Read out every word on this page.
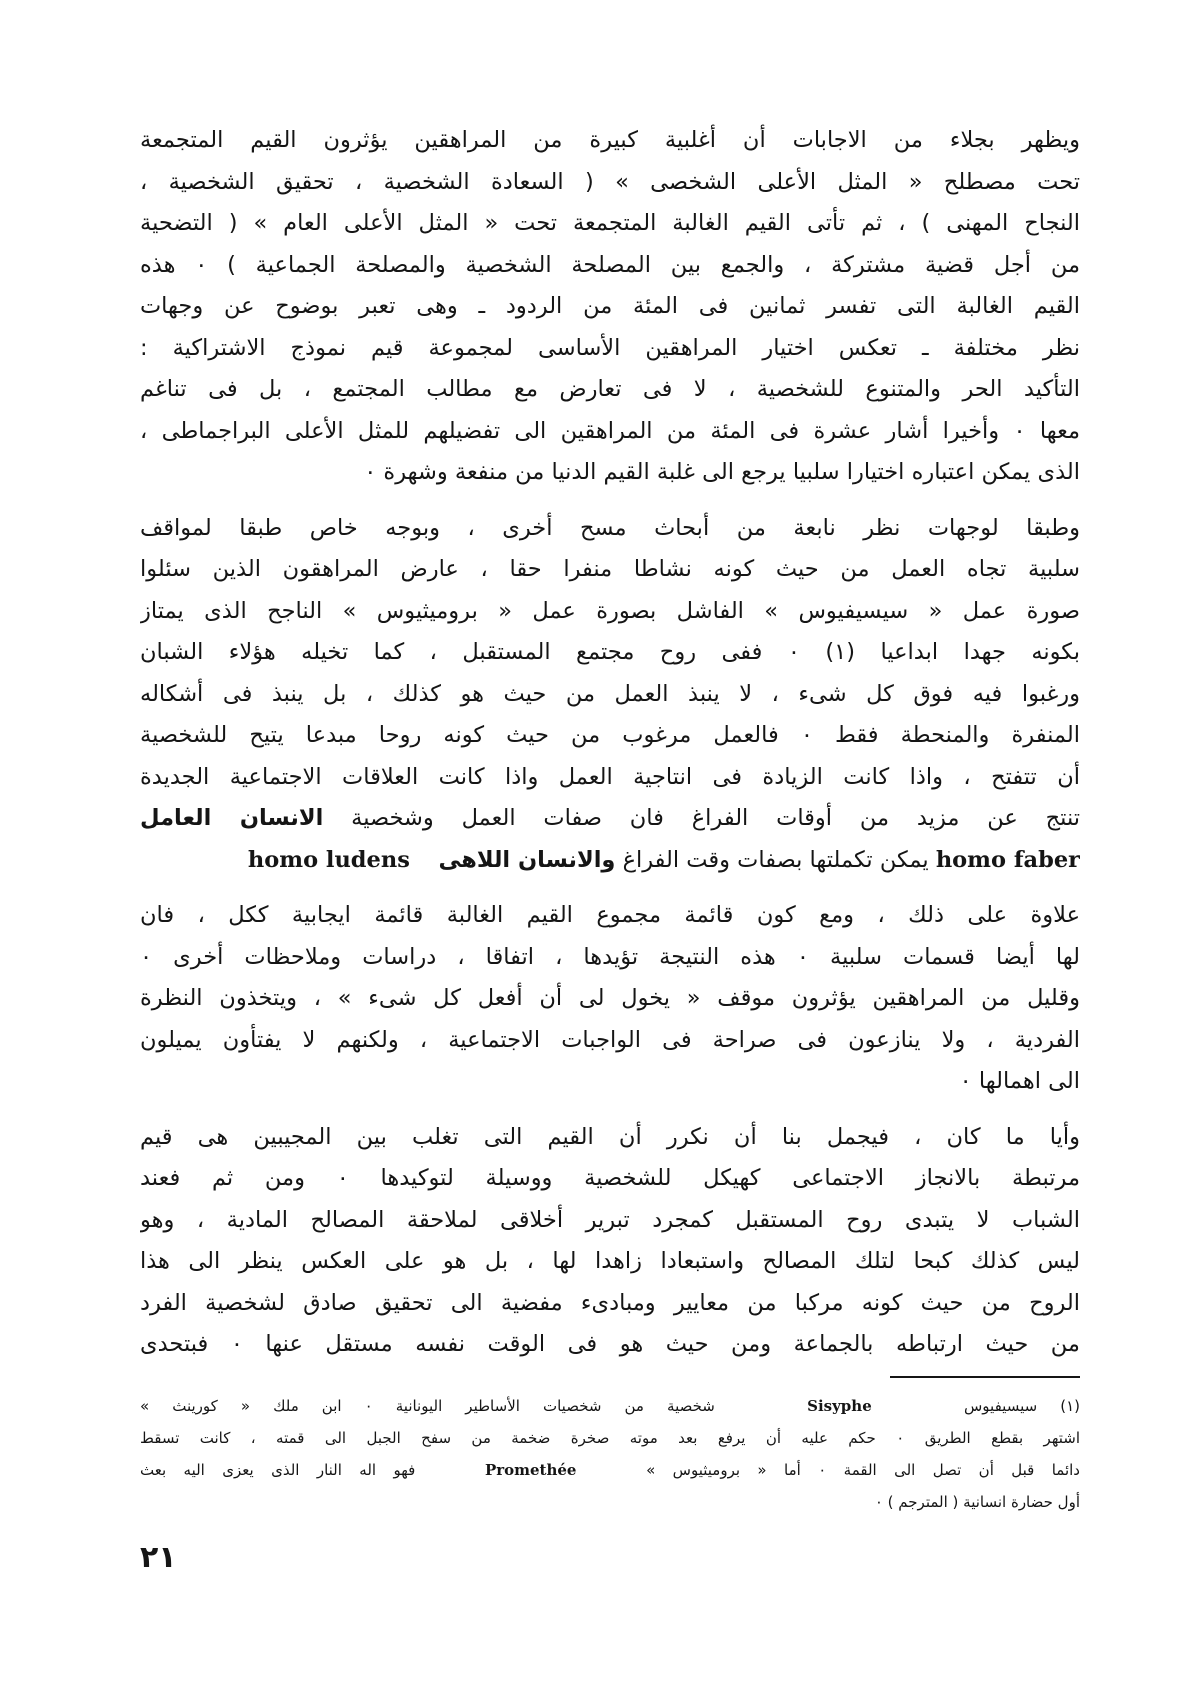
ويظهر بجلاء من الاجابات أن أغلبية كبيرة من المراهقين يؤثرون القيم المتجمعة
تحت مصطلح « المثل الأعلى الشخصى » ( السعادة الشخصية ، تحقيق الشخصية ،
النجاح المهنى ) ، ثم تأتى القيم الغالبة المتجمعة تحت « المثل الأعلى العام » ( التضحية
من أجل قضية مشتركة ، والجمع بين المصلحة الشخصية والمصلحة الجماعية ) ٠ هذه
القيم الغالبة التى تفسر ثمانين فى المئة من الردود ـ وهى تعبر بوضوح عن وجهات
نظر مختلفة ـ تعكس اختيار المراهقين الأساسى لمجموعة قيم نموذج الاشتراكية :
التأكيد الحر والمتنوع للشخصية ، لا فى تعارض مع مطالب المجتمع ، بل فى تناغم
معها ٠ وأخيرا أشار عشرة فى المئة من المراهقين الى تفضيلهم للمثل الأعلى البراجماطى ،
الذى يمكن اعتباره اختيارا سلبيا يرجع الى غلبة القيم الدنيا من منفعة وشهرة ٠
وطبقا لوجهات نظر نابعة من أبحاث مسح أخرى ، وبوجه خاص طبقا لمواقف
سلبية تجاه العمل من حيث كونه نشاطا منفرا حقا ، عارض المراهقون الذين سئلوا
صورة عمل « سيسيفيوس » الفاشل بصورة عمل « بروميثيوس » الناجح الذى يمتاز
بكونه جهدا ابداعيا (١) ٠ ففى روح مجتمع المستقبل ، كما تخيله هؤلاء الشبان
ورغبوا فيه فوق كل شىء ، لا ينبذ العمل من حيث هو كذلك ، بل ينبذ فى أشكاله
المنفرة والمنحطة فقط ٠ فالعمل مرغوب من حيث كونه روحا مبدعا يتيح للشخصية
أن تتفتح ، واذا كانت الزيادة فى انتاجية العمل واذا كانت العلاقات الاجتماعية الجديدة
تنتج عن مزيد من أوقات الفراغ فان صفات العمل وشخصية الانسان العامل
homo faber يمكن تكملتها بصفات وقت الفراغ والانسان اللاهى    homo ludens
علاوة على ذلك ، ومع كون قائمة مجموع القيم الغالبة قائمة ايجابية ككل ، فان
لها أيضا قسمات سلبية ٠ هذه النتيجة تؤيدها ، اتفاقا ، دراسات وملاحظات أخرى ٠
وقليل من المراهقين يؤثرون موقف « يخول لى أن أفعل كل شىء » ، ويتخذون النظرة
الفردية ، ولا ينازعون فى صراحة فى الواجبات الاجتماعية ، ولكنهم لا يفتأون يميلون
الى اهمالها ٠
وأيا ما كان ، فيجمل بنا أن نكرر أن القيم التى تغلب بين المجيبين هى قيم
مرتبطة بالانجاز الاجتماعى كهيكل للشخصية ووسيلة لتوكيدها ٠ ومن ثم فعند
الشباب لا يتبدى روح المستقبل كمجرد تبرير أخلاقى لملاحقة المصالح المادية ، وهو
ليس كذلك كبحا لتلك المصالح واستبعادا زاهدا لها ، بل هو على العكس ينظر الى هذا
الروح من حيث كونه مركبا من معايير ومبادىء مفضية الى تحقيق صادق لشخصية الفرد
من حيث ارتباطه بالجماعة ومن حيث هو فى الوقت نفسه مستقل عنها ٠ فبتحدى
(١) سيسيفيوس    Sisyphe    شخصية من شخصيات الأساطير اليونانية ٠ ابن ملك « كورينث »
اشتهر بقطع الطريق ٠ حكم عليه أن يرفع بعد موته صخرة ضخمة من سفح الجبل الى قمته ، كانت تسقط
دائما قبل أن تصل الى القمة ٠ أما « بروميثيوس »    Promethée    فهو اله النار الذى يعزى اليه بعث
أول حضارة انسانية ( المترجم ) ٠
٢١
